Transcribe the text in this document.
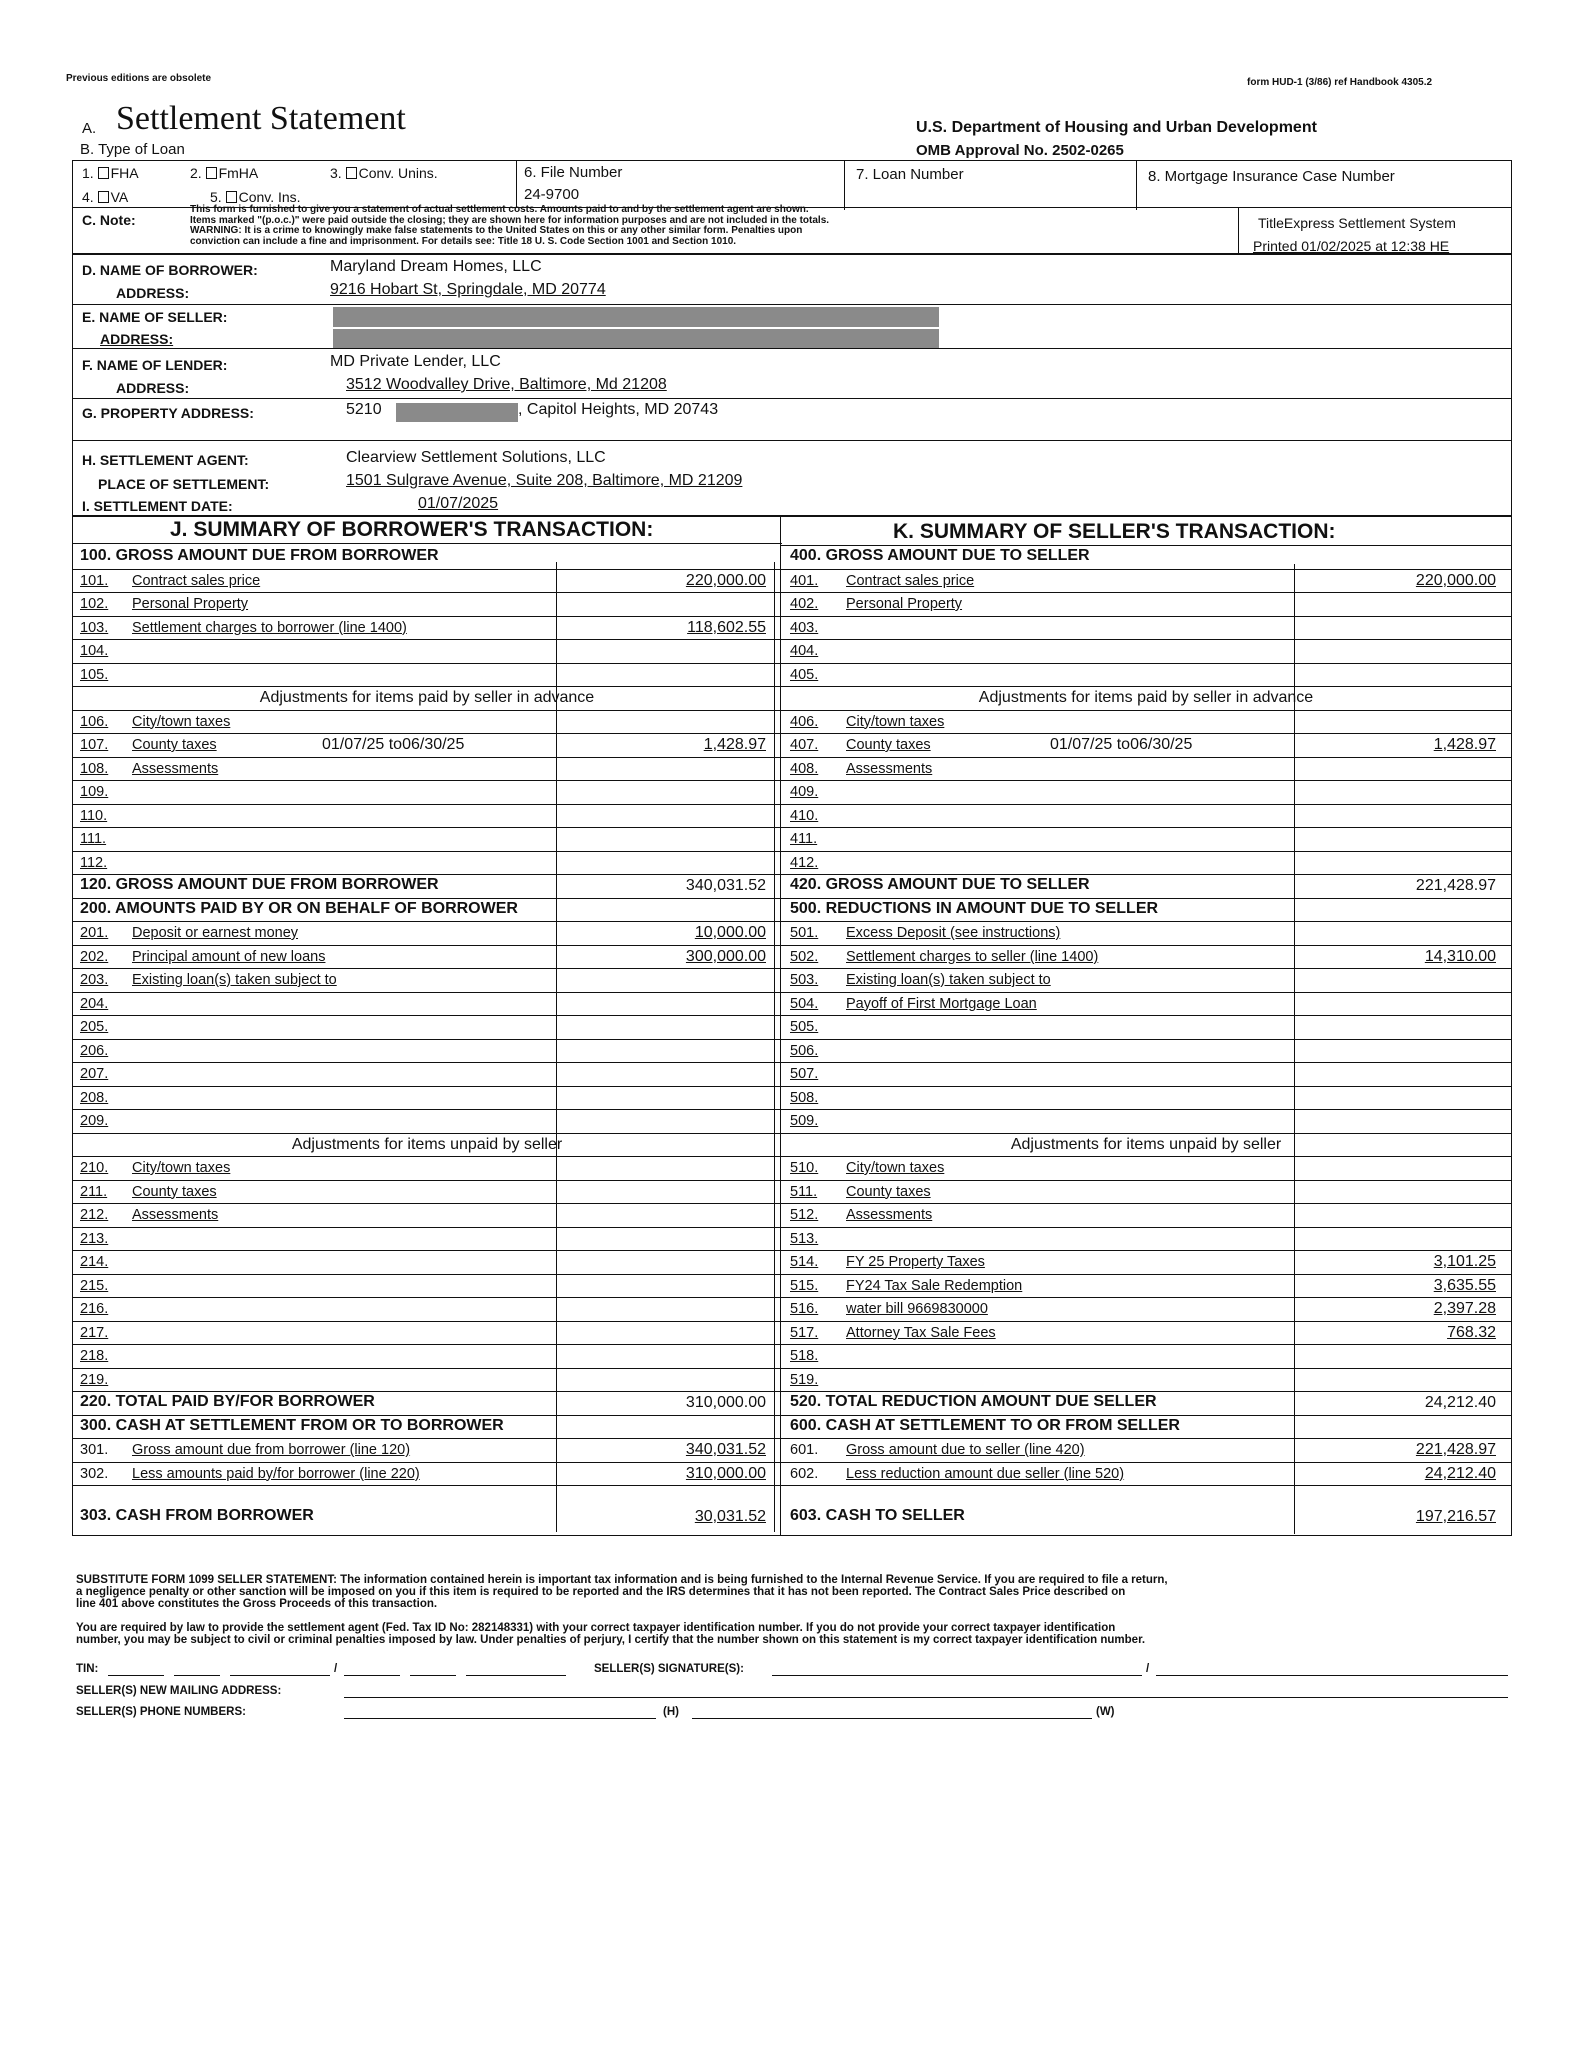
Previous editions are obsolete	form HUD-1 (3/86) ref Handbook 4305.2
A. Settlement Statement	U.S. Department of Housing and Urban Development
OMB Approval No. 2502-0265
B. Type of Loan
1. FHA	2. FmHA	3. Conv. Unins.
4. VA	5. Conv. Ins.
6. File Number
24-9700
7. Loan Number	8. Mortgage Insurance Case Number
C. Note:
This form is furnished to give you a statement of actual settlement costs. Amounts paid to and by the settlement agent are shown.
Items marked "(p.o.c.)" were paid outside the closing; they are shown here for information purposes and are not included in the totals.
WARNING: It is a crime to knowingly make false statements to the United States on this or any other similar form. Penalties upon
conviction can include a fine and imprisonment. For details see: Title 18 U. S. Code Section 1001 and Section 1010.
TitleExpress Settlement System
Printed 01/02/2025 at 12:38 HE
D. NAME OF BORROWER:	Maryland Dream Homes, LLC
ADDRESS:	9216 Hobart St, Springdale, MD 20774
E. NAME OF SELLER:
ADDRESS:
F. NAME OF LENDER:	MD Private Lender, LLC
ADDRESS:	3512 Woodvalley Drive, Baltimore, Md 21208
G. PROPERTY ADDRESS:	5210	, Capitol Heights, MD 20743
H. SETTLEMENT AGENT:	Clearview Settlement Solutions, LLC
PLACE OF SETTLEMENT:	1501 Sulgrave Avenue, Suite 208, Baltimore, MD 21209
I. SETTLEMENT DATE:	01/07/2025
J. SUMMARY OF BORROWER'S TRANSACTION:	K. SUMMARY OF SELLER'S TRANSACTION:
100. GROSS AMOUNT DUE FROM BORROWER
101. Contract sales price	220,000.00
102. Personal Property
103. Settlement charges to borrower (line 1400)	118,602.55
104.
105.
Adjustments for items paid by seller in advance
106. City/town taxes
107. County taxes	01/07/25 to06/30/25	1,428.97
108. Assessments
109.
110.
111.
112.
120. GROSS AMOUNT DUE FROM BORROWER	340,031.52
200. AMOUNTS PAID BY OR ON BEHALF OF BORROWER
201. Deposit or earnest money	10,000.00
202. Principal amount of new loans	300,000.00
203. Existing loan(s) taken subject to
204.
205.
206.
207.
208.
209.
Adjustments for items unpaid by seller
210. City/town taxes
211. County taxes
212. Assessments
213.
214.
215.
216.
217.
218.
219.
220. TOTAL PAID BY/FOR BORROWER	310,000.00
300. CASH AT SETTLEMENT FROM OR TO BORROWER
301. Gross amount due from borrower (line 120)	340,031.52
302. Less amounts paid by/for borrower (line 220)	310,000.00
303. CASH FROM BORROWER	30,031.52
400. GROSS AMOUNT DUE TO SELLER
401. Contract sales price	220,000.00
402. Personal Property
403.
404.
405.
Adjustments for items paid by seller in advance
406. City/town taxes
407. County taxes	01/07/25 to06/30/25	1,428.97
408. Assessments
409.
410.
411.
412.
420. GROSS AMOUNT DUE TO SELLER	221,428.97
500. REDUCTIONS IN AMOUNT DUE TO SELLER
501. Excess Deposit (see instructions)
502. Settlement charges to seller (line 1400)	14,310.00
503. Existing loan(s) taken subject to
504. Payoff of First Mortgage Loan
505.
506.
507.
508.
509.
Adjustments for items unpaid by seller
510. City/town taxes
511. County taxes
512. Assessments
513.
514. FY 25 Property Taxes	3,101.25
515. FY24 Tax Sale Redemption	3,635.55
516. water bill 9669830000	2,397.28
517. Attorney Tax Sale Fees	768.32
518.
519.
520. TOTAL REDUCTION AMOUNT DUE SELLER	24,212.40
600. CASH AT SETTLEMENT TO OR FROM SELLER
601. Gross amount due to seller (line 420)	221,428.97
602. Less reduction amount due seller (line 520)	24,212.40
603. CASH TO SELLER	197,216.57
SUBSTITUTE FORM 1099 SELLER STATEMENT: The information contained herein is important tax information and is being furnished to the Internal Revenue Service. If you are required to file a return,
a negligence penalty or other sanction will be imposed on you if this item is required to be reported and the IRS determines that it has not been reported. The Contract Sales Price described on
line 401 above constitutes the Gross Proceeds of this transaction.
You are required by law to provide the settlement agent (Fed. Tax ID No: 282148331) with your correct taxpayer identification number. If you do not provide your correct taxpayer identification
number, you may be subject to civil or criminal penalties imposed by law. Under penalties of perjury, I certify that the number shown on this statement is my correct taxpayer identification number.
TIN:	/	SELLER(S) SIGNATURE(S):	/
SELLER(S) NEW MAILING ADDRESS:
SELLER(S) PHONE NUMBERS:	(H)	(W)
